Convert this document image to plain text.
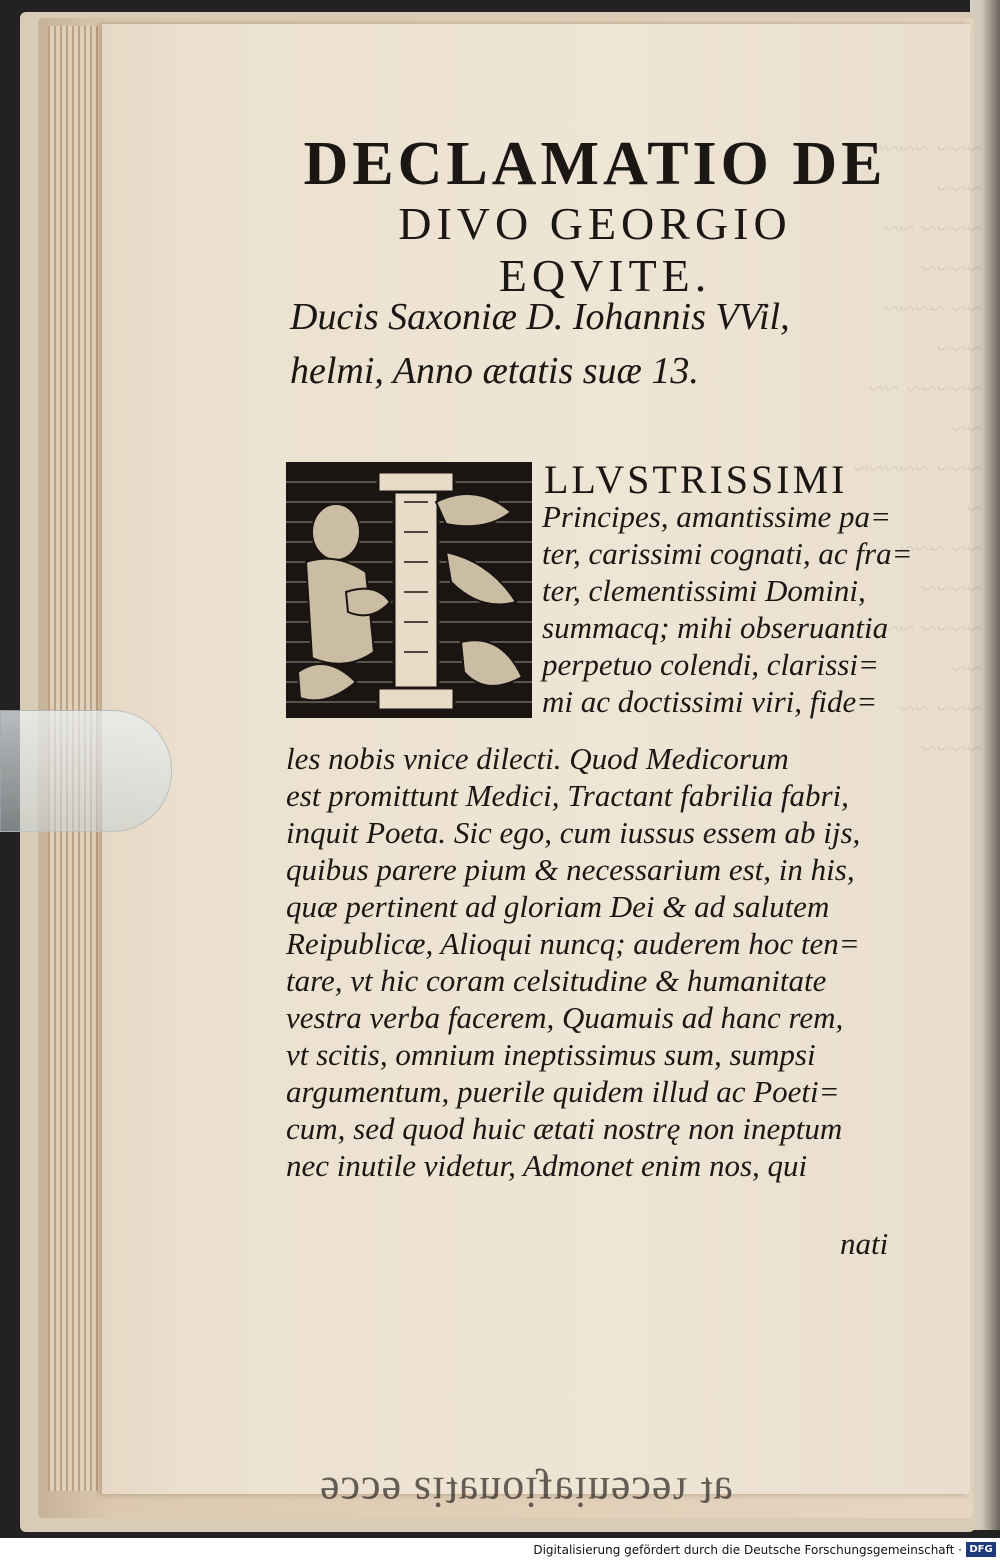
~~~ ~~~~ ~~~
~~~~ ~~ ~~~~
~~ ~~~~ ~~~
~~~~~ ~~ ~~
~~~ ~~~~~ ~
~~ ~~~ ~~~~
~~~~ ~~~ ~~
~~~ ~~ ~~~~

DECLAMATIO DE

DIVO GEORGIO

EQVITE.

Ducis Saxoniæ D. Iohannis VVil,
helmi, Anno ætatis suæ 13.
LLVSTRISSIMI
Principes, amantissime pa=
ter, carissimi cognati, ac fra=
ter, clementissimi Domini,
summacq; mihi obseruantia
perpetuo colendi, clarissi=
mi ac doctissimi viri, fide=
les nobis vnice dilecti. Quod Medicorum
est promittunt Medici, Tractant fabrilia fabri,
inquit Poeta. Sic ego, cum iussus essem ab ijs,
quibus parere pium & necessarium est, in his,
quæ pertinent ad gloriam Dei & ad salutem
Reipublicæ, Alioqui nuncq; auderem hoc ten=
tare, vt hic coram celsitudine & humanitate
vestra verba facerem, Quamuis ad hanc rem,
vt scitis, omnium ineptissimus sum, sumpsi
argumentum, puerile quidem illud ac Poeti=
cum, sed quod huic ætati nostrę non ineptum
nec inutile videtur, Admonet enim nos, qui
nati
ɘɔɔɘ ƨiʇɐnoiɟɐinɘɔɘɿ ʇɐ
Digitalisierung gefördert durch die Deutsche Forschungsgemeinschaft · DFG
